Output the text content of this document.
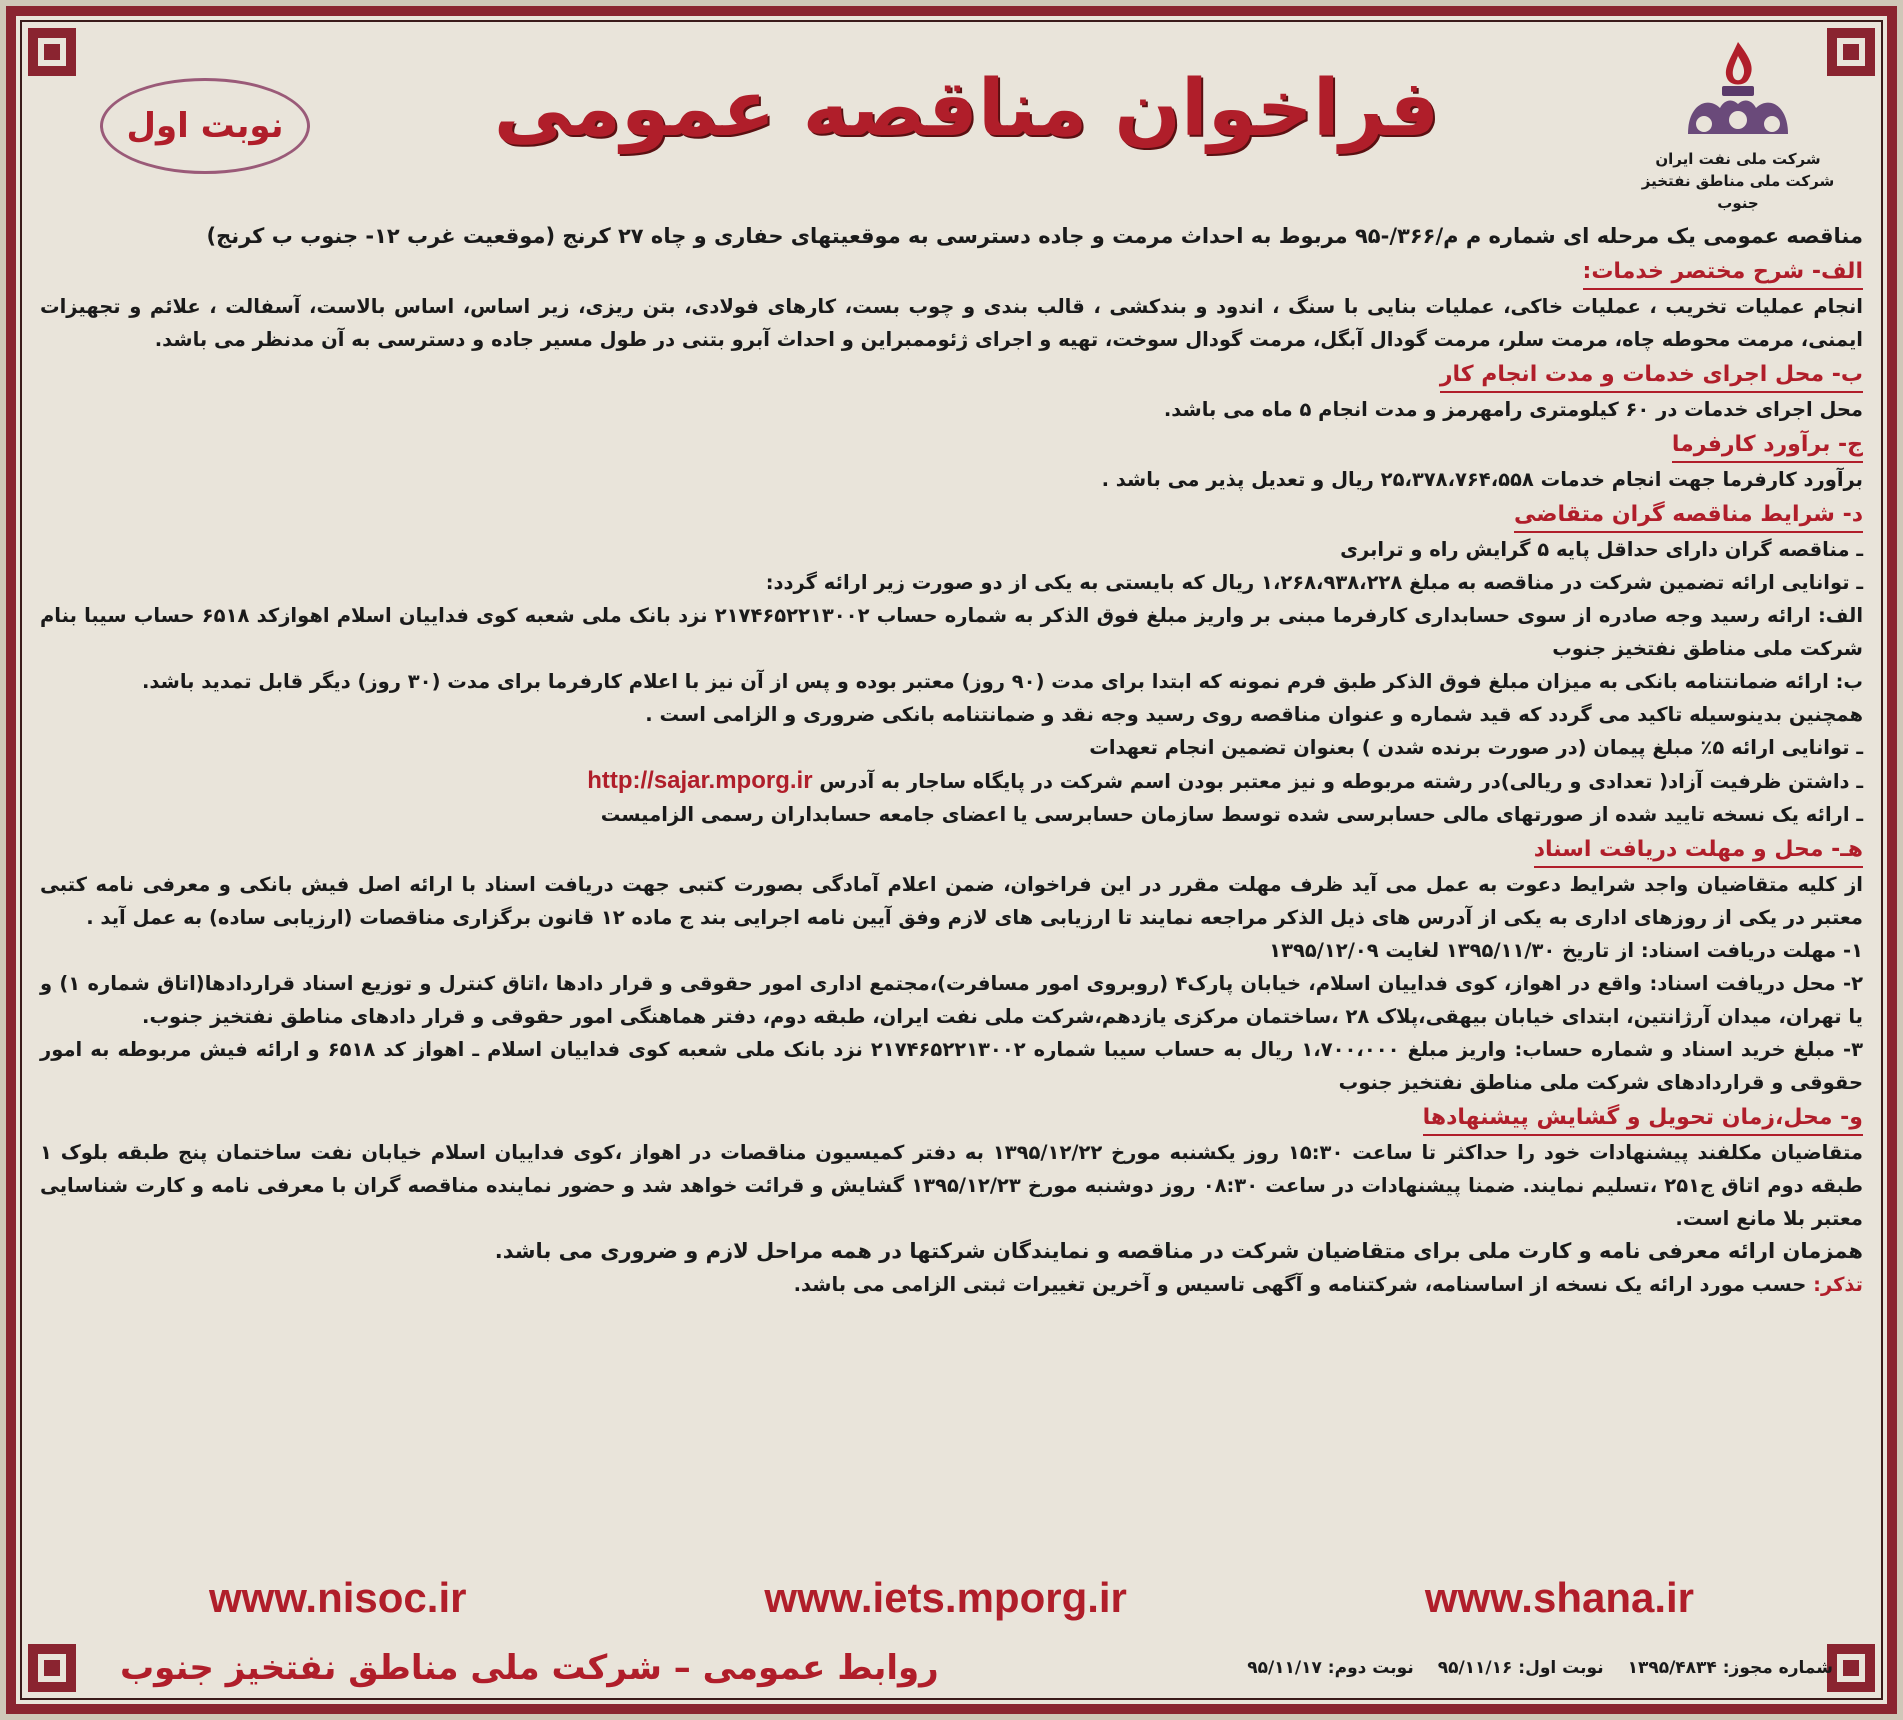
شرکت ملی نفت ایران
شرکت ملی مناطق نفتخیز جنوب
فراخوان مناقصه عمومی
نوبت اول

مناقصه عمومی یک مرحله ای شماره م م/۳۶۶/-۹۵ مربوط به احداث مرمت و جاده دسترسی به موقعیتهای حفاری و چاه ۲۷ کرنج (موقعیت غرب ۱۲- جنوب ب کرنج)

الف- شرح مختصر خدمات:

انجام عملیات تخریب ، عملیات خاکی، عملیات بنایی با سنگ ، اندود و بندکشی ، قالب بندی و چوب بست، کارهای فولادی، بتن ریزی، زیر اساس، اساس بالاست، آسفالت ، علائم و تجهیزات ایمنی، مرمت محوطه چاه، مرمت سلر، مرمت گودال آبگل، مرمت گودال سوخت، تهیه و اجرای ژئوممبراین و احداث آبرو بتنی در طول مسیر جاده و دسترسی به آن مدنظر می باشد.

ب- محل اجرای خدمات و مدت انجام کار

محل اجرای خدمات در ۶۰ کیلومتری رامهرمز و مدت انجام ۵ ماه می باشد.

ج- برآورد کارفرما

برآورد کارفرما جهت انجام خدمات ۲۵،۳۷۸،۷۶۴،۵۵۸ ریال و تعدیل پذیر می باشد .

د- شرایط مناقصه گران متقاضی

ـ مناقصه گران دارای حداقل پایه ۵ گرایش راه و ترابری

ـ توانایی ارائه تضمین شرکت در مناقصه به مبلغ ۱،۲۶۸،۹۳۸،۲۲۸ ریال که بایستی به یکی از دو صورت زیر ارائه گردد:

الف: ارائه رسید وجه صادره از سوی حسابداری کارفرما مبنی بر واریز مبلغ فوق الذکر به شماره حساب ۲۱۷۴۶۵۲۲۱۳۰۰۲ نزد بانک ملی شعبه کوی فداییان اسلام اهوازکد ۶۵۱۸ حساب سیبا بنام شرکت ملی مناطق نفتخیز جنوب

ب: ارائه ضمانتنامه بانکی به میزان مبلغ فوق الذکر طبق فرم نمونه که ابتدا برای مدت (۹۰ روز) معتبر بوده و پس از آن نیز با اعلام کارفرما برای مدت (۳۰ روز) دیگر قابل تمدید باشد.

همچنین بدینوسیله تاکید می گردد که قید شماره و عنوان مناقصه روی رسید وجه نقد و ضمانتنامه بانکی ضروری و الزامی است .

ـ توانایی ارائه ۵٪ مبلغ پیمان (در صورت برنده شدن ) بعنوان تضمین انجام تعهدات

ـ داشتن ظرفیت آزاد( تعدادی و ریالی)در رشته مربوطه و نیز معتبر بودن اسم شرکت در پایگاه ساجار به آدرس http://sajar.mporg.ir

ـ ارائه یک نسخه تایید شده از صورتهای مالی حسابرسی شده توسط سازمان حسابرسی یا اعضای جامعه حسابداران رسمی الزامیست

هـ- محل و مهلت دریافت اسناد

از کلیه متقاضیان واجد شرایط دعوت به عمل می آید ظرف مهلت مقرر در این فراخوان، ضمن اعلام آمادگی بصورت کتبی جهت دریافت اسناد با ارائه اصل فیش بانکی و معرفی نامه کتبی معتبر در یکی از روزهای اداری به یکی از آدرس های ذیل الذکر مراجعه نمایند تا ارزیابی های لازم وفق آیین نامه اجرایی بند ج ماده ۱۲ قانون برگزاری مناقصات (ارزیابی ساده) به عمل آید .

۱- مهلت دریافت اسناد: از تاریخ ۱۳۹۵/۱۱/۳۰ لغایت ۱۳۹۵/۱۲/۰۹

۲- محل دریافت اسناد: واقع در اهواز، کوی فداییان اسلام، خیابان پارک۴ (روبروی امور مسافرت)،مجتمع اداری امور حقوقی و قرار دادها ،اتاق کنترل و توزیع اسناد قراردادها(اتاق شماره ۱) و یا تهران، میدان آرژانتین، ابتدای خیابان بیهقی،پلاک ۲۸ ،ساختمان مرکزی یازدهم،شرکت ملی نفت ایران، طبقه دوم، دفتر هماهنگی امور حقوقی و قرار دادهای مناطق نفتخیز جنوب.

۳- مبلغ خرید اسناد و شماره حساب: واریز مبلغ ۱،۷۰۰،۰۰۰ ریال به حساب سیبا شماره ۲۱۷۴۶۵۲۲۱۳۰۰۲ نزد بانک ملی شعبه کوی فداییان اسلام ـ اهواز کد ۶۵۱۸ و ارائه فیش مربوطه به امور حقوقی و قراردادهای شرکت ملی مناطق نفتخیز جنوب

و- محل،زمان تحویل و گشایش پیشنهادها

متقاضیان مکلفند پیشنهادات خود را حداکثر تا ساعت ۱۵:۳۰ روز یکشنبه مورخ ۱۳۹۵/۱۲/۲۲ به دفتر کمیسیون مناقصات در اهواز ،کوی فداییان اسلام خیابان نفت ساختمان پنج طبقه بلوک ۱ طبقه دوم اتاق ج۲۵۱ ،تسلیم نمایند. ضمنا پیشنهادات در ساعت ۰۸:۳۰ روز دوشنبه مورخ ۱۳۹۵/۱۲/۲۳ گشایش و قرائت خواهد شد و حضور نماینده مناقصه گران با معرفی نامه و کارت شناسایی معتبر بلا مانع است.

همزمان ارائه معرفی نامه و کارت ملی برای متقاضیان شرکت در مناقصه و نمایندگان شرکتها در همه مراحل لازم و ضروری می باشد.

تذکر: حسب مورد ارائه یک نسخه از اساسنامه، شرکتنامه و آگهی تاسیس و آخرین تغییرات ثبتی الزامی می باشد.

www.nisoc.ir	www.iets.mporg.ir	www.shana.ir
شماره مجوز: ۱۳۹۵/۴۸۳۴
نوبت اول: ۹۵/۱۱/۱۶
نوبت دوم: ۹۵/۱۱/۱۷
روابط عمومی – شرکت ملی مناطق نفتخیز جنوب
